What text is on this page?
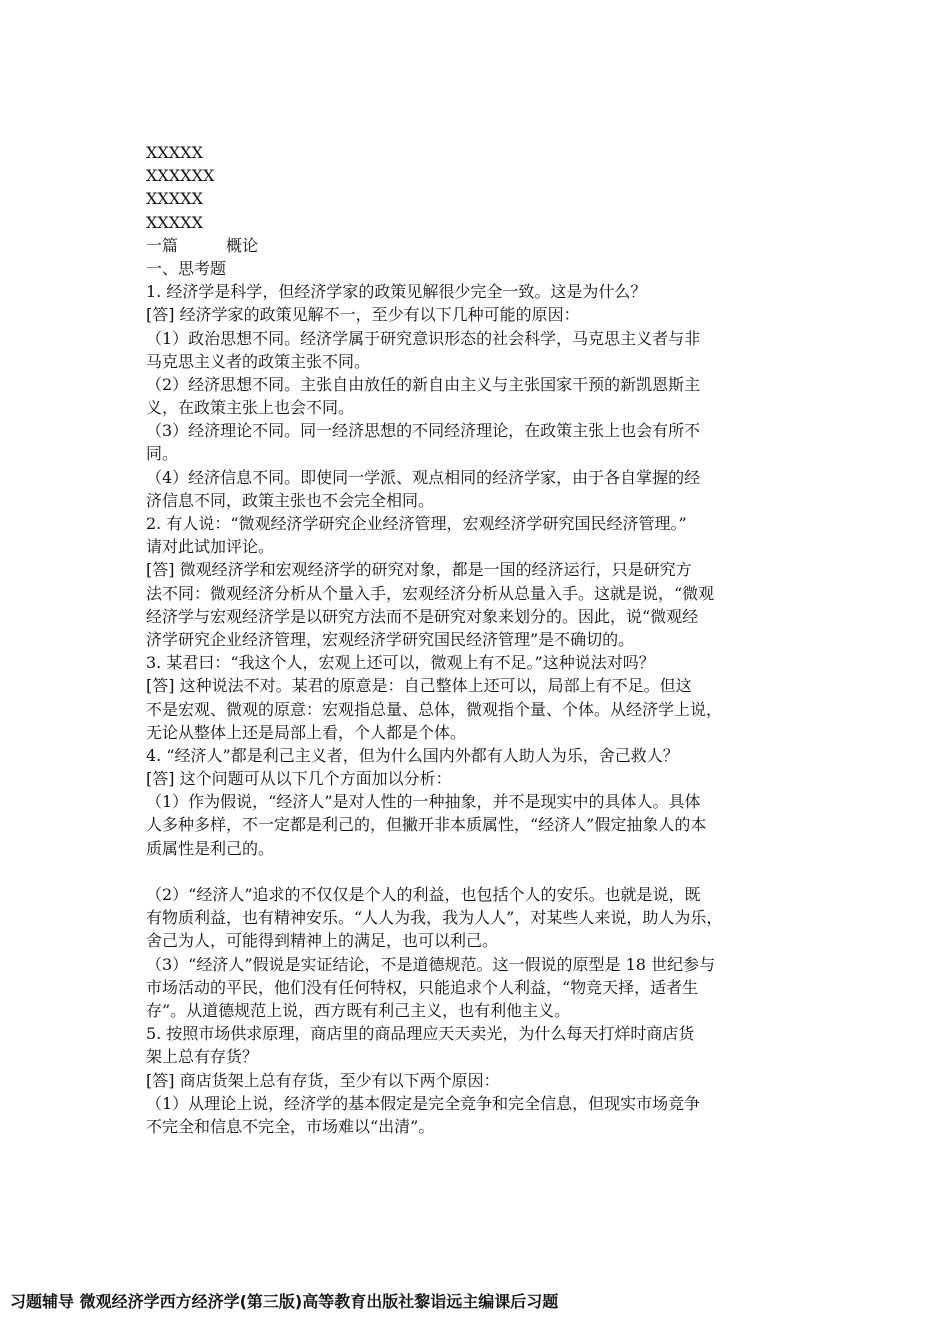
XXXXX
XXXXXX
XXXXX
XXXXX
一篇　　　概论
一、思考题
1. 经济学是科学，但经济学家的政策见解很少完全一致。这是为什么？
[答] 经济学家的政策见解不一，至少有以下几种可能的原因：
（1）政治思想不同。经济学属于研究意识形态的社会科学，马克思主义者与非
马克思主义者的政策主张不同。
（2）经济思想不同。主张自由放任的新自由主义与主张国家干预的新凯恩斯主
义，在政策主张上也会不同。
（3）经济理论不同。同一经济思想的不同经济理论，在政策主张上也会有所不
同。
（4）经济信息不同。即使同一学派、观点相同的经济学家，由于各自掌握的经
济信息不同，政策主张也不会完全相同。
2. 有人说：“微观经济学研究企业经济管理，宏观经济学研究国民经济管理。”
请对此试加评论。
[答] 微观经济学和宏观经济学的研究对象，都是一国的经济运行，只是研究方
法不同：微观经济分析从个量入手，宏观经济分析从总量入手。这就是说，“微观
经济学与宏观经济学是以研究方法而不是研究对象来划分的。因此，说“微观经
济学研究企业经济管理，宏观经济学研究国民经济管理”是不确切的。
3. 某君曰：“我这个人，宏观上还可以，微观上有不足。”这种说法对吗？
[答] 这种说法不对。某君的原意是：自己整体上还可以，局部上有不足。但这
不是宏观、微观的原意：宏观指总量、总体，微观指个量、个体。从经济学上说，
无论从整体上还是局部上看，个人都是个体。
4. “经济人”都是利己主义者，但为什么国内外都有人助人为乐，舍己救人？
[答] 这个问题可从以下几个方面加以分析：
（1）作为假说，“经济人”是对人性的一种抽象，并不是现实中的具体人。具体
人多种多样，不一定都是利己的，但撇开非本质属性，“经济人”假定抽象人的本
质属性是利己的。
（2）“经济人”追求的不仅仅是个人的利益，也包括个人的安乐。也就是说，既
有物质利益，也有精神安乐。“人人为我，我为人人”，对某些人来说，助人为乐，
舍己为人，可能得到精神上的满足，也可以利己。
（3）“经济人”假说是实证结论，不是道德规范。这一假说的原型是 18 世纪参与
市场活动的平民，他们没有任何特权，只能追求个人利益，“物竞天择，适者生
存”。从道德规范上说，西方既有利己主义，也有利他主义。
5. 按照市场供求原理，商店里的商品理应天天卖光，为什么每天打烊时商店货
架上总有存货？
[答] 商店货架上总有存货，至少有以下两个原因：
（1）从理论上说，经济学的基本假定是完全竞争和完全信息，但现实市场竞争
不完全和信息不完全，市场难以“出清”。
习题辅导 微观经济学西方经济学(第三版)高等教育出版社黎诣远主编课后习题
